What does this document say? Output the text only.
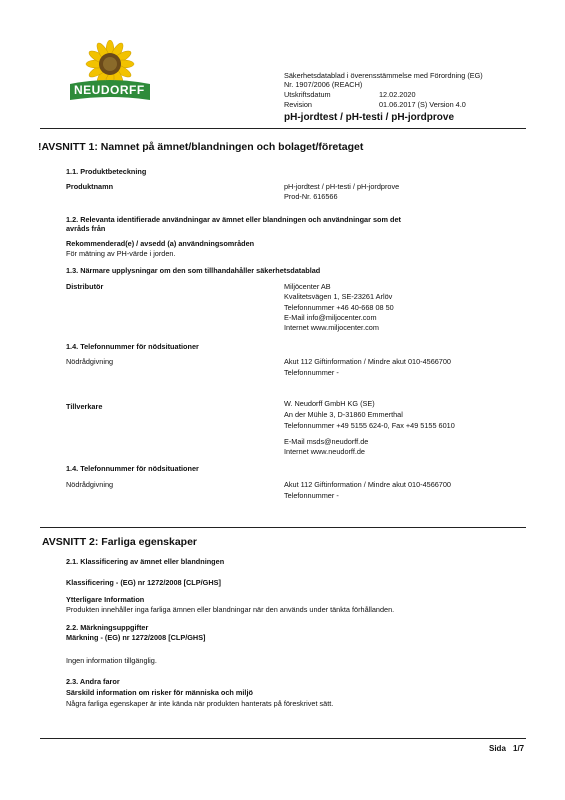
NEUDORFF
Säkerhetsdatablad i överensstämmelse med Förordning (EG)
Nr. 1907/2006 (REACH)
Utskriftsdatum	12.02.2020
Revision	01.06.2017 (S) Version 4.0
pH-jordtest / pH-testi / pH-jordprove
!AVSNITT 1: Namnet på ämnet/blandningen och bolaget/företaget
1.1. Produktbeteckning
Produktnamn	pH-jordtest / pH-testi / pH-jordprove
Prod-Nr. 616566
1.2. Relevanta identifierade användningar av ämnet eller blandningen och användningar som det
avråds från
Rekommenderad(e) / avsedd (a) användningsområden
För mätning av PH-värde i jorden.
1.3. Närmare upplysningar om den som tillhandahåller säkerhetsdatablad
Distributör	Miljöcenter AB
Kvalitetsvägen 1, SE-23261 Arlöv
Telefonnummer +46 40-668 08 50
E-Mail info@miljocenter.com
Internet www.miljocenter.com
1.4. Telefonnummer för nödsituationer
Nödrådgivning	Akut 112 Giftinformation / Mindre akut 010-4566700
Telefonnummer -
Tillverkare	W. Neudorff GmbH KG (SE)
An der Mühle 3, D-31860 Emmerthal
Telefonnummer +49 5155 624-0, Fax +49 5155 6010
E-Mail msds@neudorff.de
Internet www.neudorff.de
1.4. Telefonnummer för nödsituationer
Nödrådgivning	Akut 112 Giftinformation / Mindre akut 010-4566700
Telefonnummer -
AVSNITT 2: Farliga egenskaper
2.1. Klassificering av ämnet eller blandningen
Klassificering - (EG) nr 1272/2008 [CLP/GHS]
Ytterligare Information
Produkten innehåller inga farliga ämnen eller blandningar när den används under tänkta förhållanden.
2.2. Märkningsuppgifter
Märkning - (EG) nr 1272/2008 [CLP/GHS]
Ingen information tillgänglig.
2.3. Andra faror
Särskild information om risker för människa och miljö
Några farliga egenskaper är inte kända när produkten hanterats på föreskrivet sätt.
Sida 1/7
